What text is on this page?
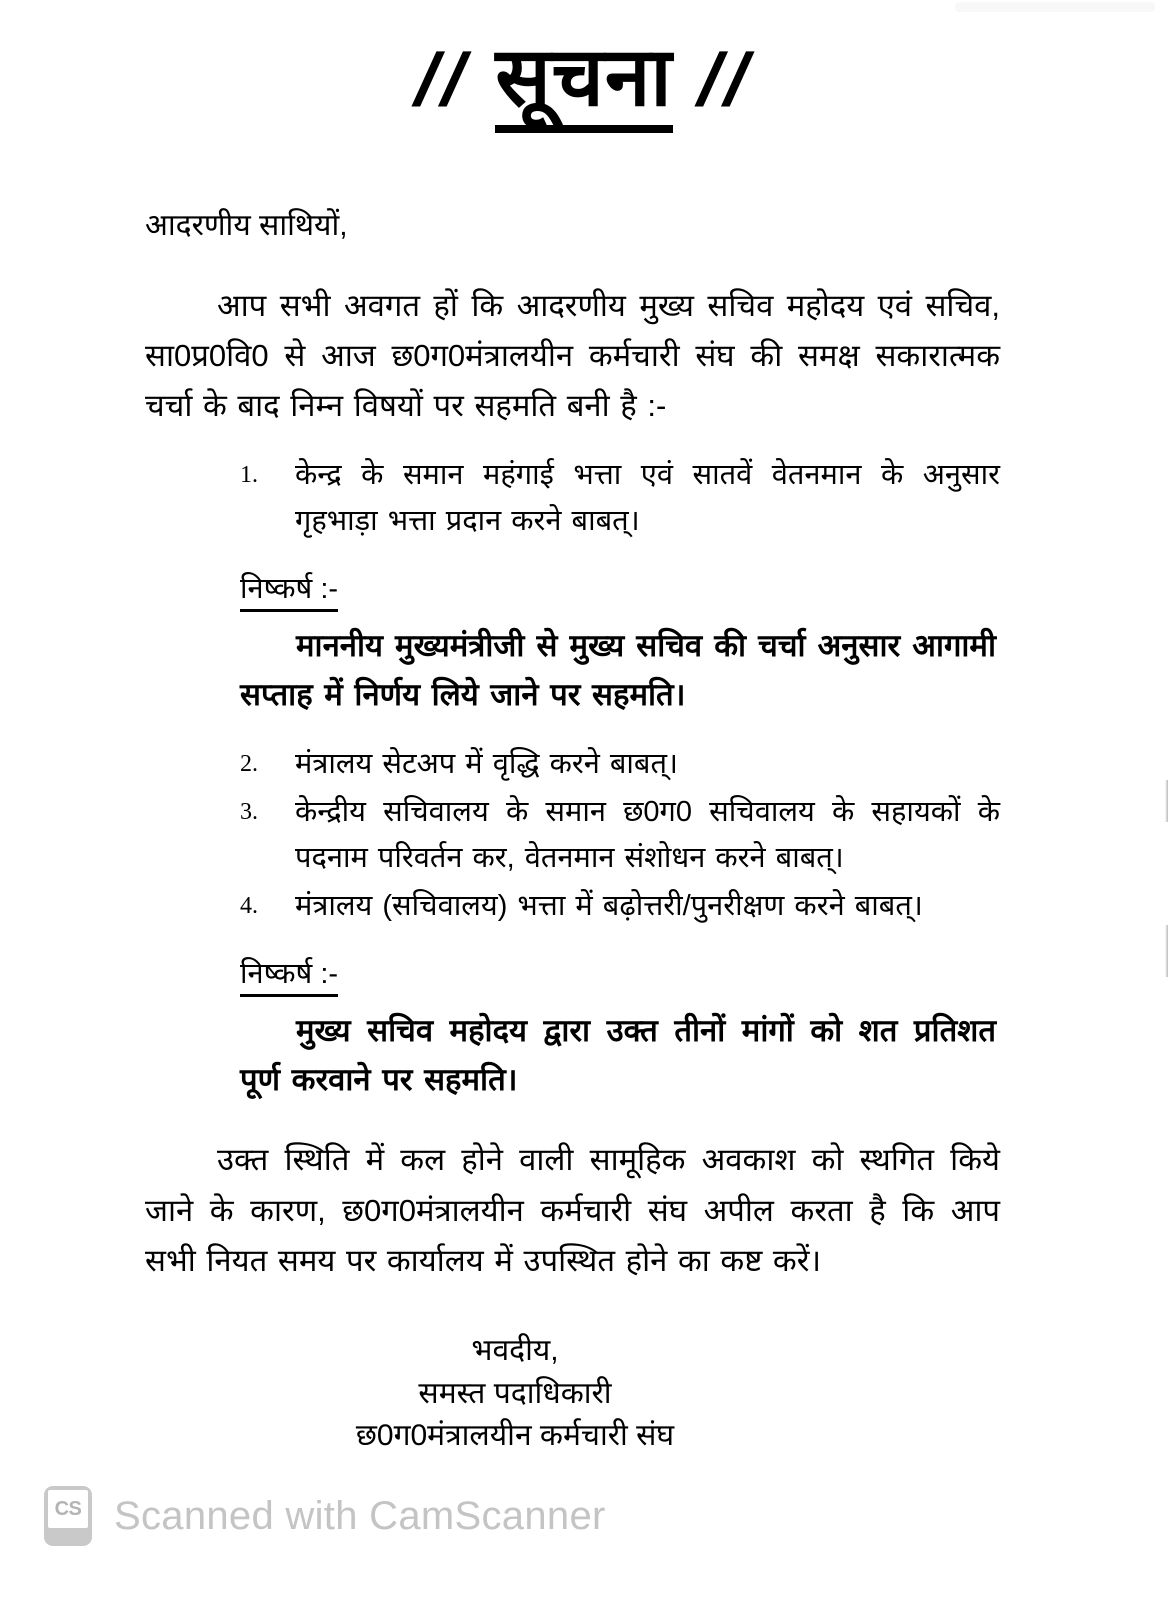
// सूचना //
आदरणीय साथियों,

आप सभी अवगत हों कि आदरणीय मुख्य सचिव महोदय एवं सचिव, सा0प्र0वि0 से आज छ0ग0मंत्रालयीन कर्मचारी संघ की समक्ष सकारात्मक चर्चा के बाद निम्न विषयों पर सहमति बनी है :-

1. केन्द्र के समान महंगाई भत्ता एवं सातवें वेतनमान के अनुसार गृहभाड़ा भत्ता प्रदान करने बाबत्।
निष्कर्ष :-
माननीय मुख्यमंत्रीजी से मुख्य सचिव की चर्चा अनुसार आगामी सप्ताह में निर्णय लिये जाने पर सहमति।
2. मंत्रालय सेटअप में वृद्धि करने बाबत्।
3. केन्द्रीय सचिवालय के समान छ0ग0 सचिवालय के सहायकों के पदनाम परिवर्तन कर, वेतनमान संशोधन करने बाबत्।
4. मंत्रालय (सचिवालय) भत्ता में बढ़ोत्तरी/पुनरीक्षण करने बाबत्।
निष्कर्ष :-
मुख्य सचिव महोदय द्वारा उक्त तीनों मांगों को शत प्रतिशत पूर्ण करवाने पर सहमति।

उक्त स्थिति में कल होने वाली सामूहिक अवकाश को स्थगित किये जाने के कारण, छ0ग0मंत्रालयीन कर्मचारी संघ अपील करता है कि आप सभी नियत समय पर कार्यालय में उपस्थित होने का कष्ट करें।

भवदीय,
समस्त पदाधिकारी
छ0ग0मंत्रालयीन कर्मचारी संघ
CS Scanned with CamScanner
